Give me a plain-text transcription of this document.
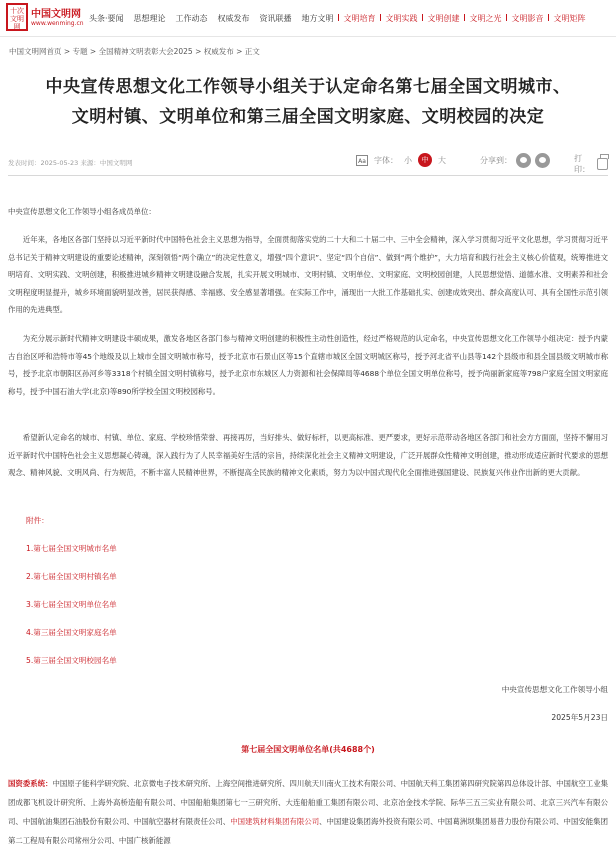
十次文明网
中国文明网
www.wenming.cn
头条·要闻	思想理论	工作动态	权威发布	资讯联播	地方文明	文明培育	文明实践	文明创建	文明之光	文明影音	文明矩阵
中国文明网首页 > 专题 > 全国精神文明表彰大会2025 > 权威发布 > 正文
中央宣传思想文化工作领导小组关于认定命名第七届全国文明城市、
文明村镇、文明单位和第三届全国文明家庭、文明校园的决定
发表时间：2025-05-23 来源：中国文明网	Aa 字体： 小	中	大	分享到：	打印：
中央宣传思想文化工作领导小组各成员单位：
近年来，各地区各部门坚持以习近平新时代中国特色社会主义思想为指导，全面贯彻落实党的二十大和二十届二中、三中全会精神，深入学习贯彻习近平文化思想，学习贯彻习近平总书记关于精神文明建设的重要论述精神，深刻领悟“两个确立”的决定性意义，增强“四个意识”、坚定“四个自信”、做到“两个维护”，大力培育和践行社会主义核心价值观，统筹推进文明培育、文明实践、文明创建，积极推进城乡精神文明建设融合发展，扎实开展文明城市、文明村镇、文明单位、文明家庭、文明校园创建，人民思想觉悟、道德水准、文明素养和社会文明程度明显提升，城乡环境面貌明显改善，居民获得感、幸福感、安全感显著增强。在实际工作中，涌现出一大批工作基础扎实、创建成效突出、群众高度认可、具有全国性示范引领作用的先进典型。
为充分展示新时代精神文明建设丰硕成果，激发各地区各部门参与精神文明创建的积极性主动性创造性，经过严格规范的认定命名，中央宣传思想文化工作领导小组决定：授予内蒙古自治区呼和浩特市等45个地级及以上城市全国文明城市称号，授予北京市石景山区等15个直辖市城区全国文明城区称号，授予河北省平山县等142个县级市和县全国县级文明城市称号，授予北京市朝阳区孙河乡等3318个村镇全国文明村镇称号，授予北京市东城区人力资源和社会保障局等4688个单位全国文明单位称号，授予尚丽新家庭等798户家庭全国文明家庭称号，授予中国石油大学(北京)等890所学校全国文明校园称号。
希望新认定命名的城市、村镇、单位、家庭、学校珍惜荣誉、再接再厉，当好排头、做好标杆，以更高标准、更严要求，更好示范带动各地区各部门和社会方方面面，坚持不懈用习近平新时代中国特色社会主义思想凝心铸魂，深入践行为了人民幸福美好生活的宗旨，持续深化社会主义精神文明建设，广泛开展群众性精神文明创建，推动形成适应新时代要求的思想观念、精神风貌、文明风尚、行为规范，不断丰富人民精神世界，不断提高全民族的精神文化素质，努力为以中国式现代化全面推进强国建设、民族复兴伟业作出新的更大贡献。
附件：
1.第七届全国文明城市名单
2.第七届全国文明村镇名单
3.第七届全国文明单位名单
4.第三届全国文明家庭名单
5.第三届全国文明校园名单
中央宣传思想文化工作领导小组
2025年5月23日
第七届全国文明单位名单(共4688个)
国资委系统：中国原子能科学研究院、北京微电子技术研究所、上海空间推进研究所、四川航天川南火工技术有限公司、中国航天科工集团第四研究院第四总体设计部、中国航空工业集团成都飞机设计研究所、上海外高桥造船有限公司、中国船舶集团第七一三研究所、大连船舶重工集团有限公司、北京冶金技术学院、际华三五三实业有限公司、北京三兴汽车有限公司、中国航油集团石油股份有限公司、中国航空器材有限责任公司、中国建筑材料集团有限公司、中国建设集团海外投资有限公司、中国葛洲坝集团易普力股份有限公司、中国安能集团第二工程局有限公司常州分公司、中国广核新能源
